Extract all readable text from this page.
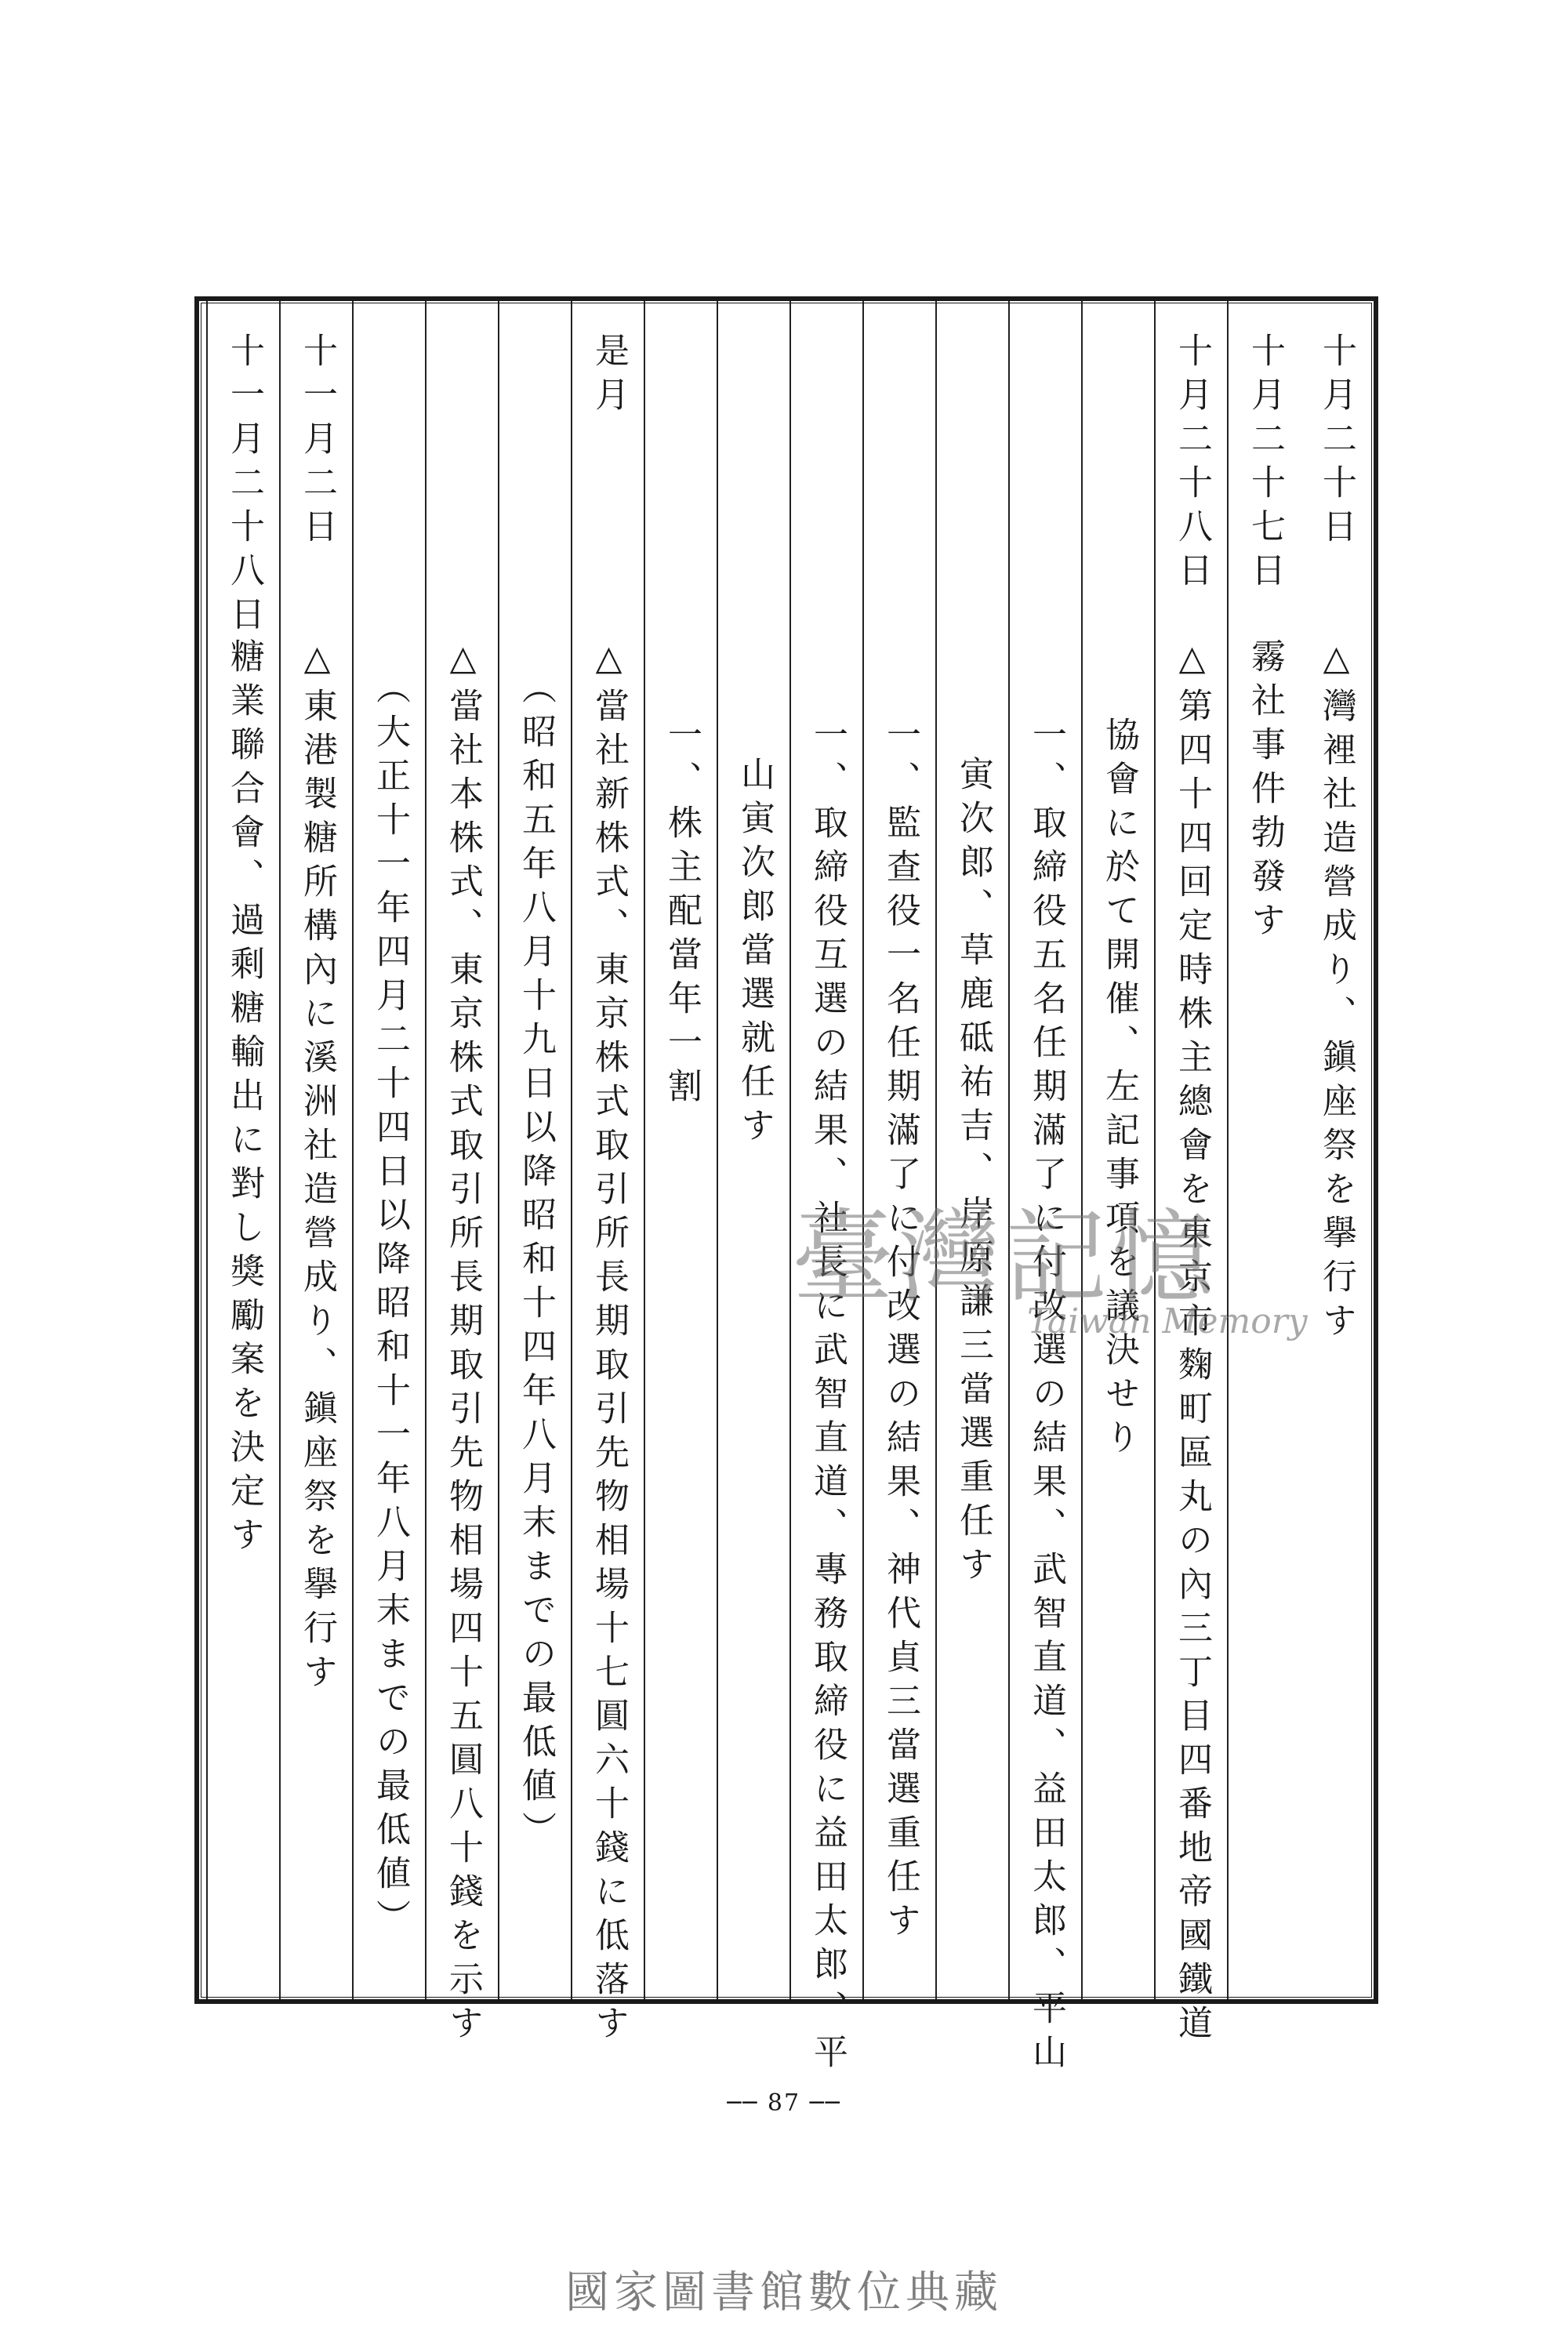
十月二十日
△灣裡社造營成り、鎭座祭を擧行す
十月二十七日
霧社事件勃發す
十月二十八日
△第四十四回定時株主總會を東京市麴町區丸の內三丁目四番地帝國鐵道
協會に於て開催、左記事項を議決せり
一、取締役五名任期滿了に付改選の結果、武智直道、益田太郎、平山
寅次郎、草鹿砥祐吉、岸原謙三當選重任す
一、監查役一名任期滿了に付改選の結果、神代貞三當選重任す
一、取締役互選の結果、社長に武智直道、專務取締役に益田太郎、平
山寅次郎當選就任す
一、株主配當年一割
是月
△當社新株式、東京株式取引所長期取引先物相場十七圓六十錢に低落す
（昭和五年八月十九日以降昭和十四年八月末までの最低値）
△當社本株式、東京株式取引所長期取引先物相場四十五圓八十錢を示す
（大正十一年四月二十四日以降昭和十一年八月末までの最低値）
十一月二日
△東港製糖所構內に溪洲社造營成り、鎭座祭を擧行す
十一月二十八日
糖業聯合會、過剩糖輸出に對し獎勵案を決定す	臺灣記憶
Taiwan Memory
── 87 ──
國家圖書館數位典藏
